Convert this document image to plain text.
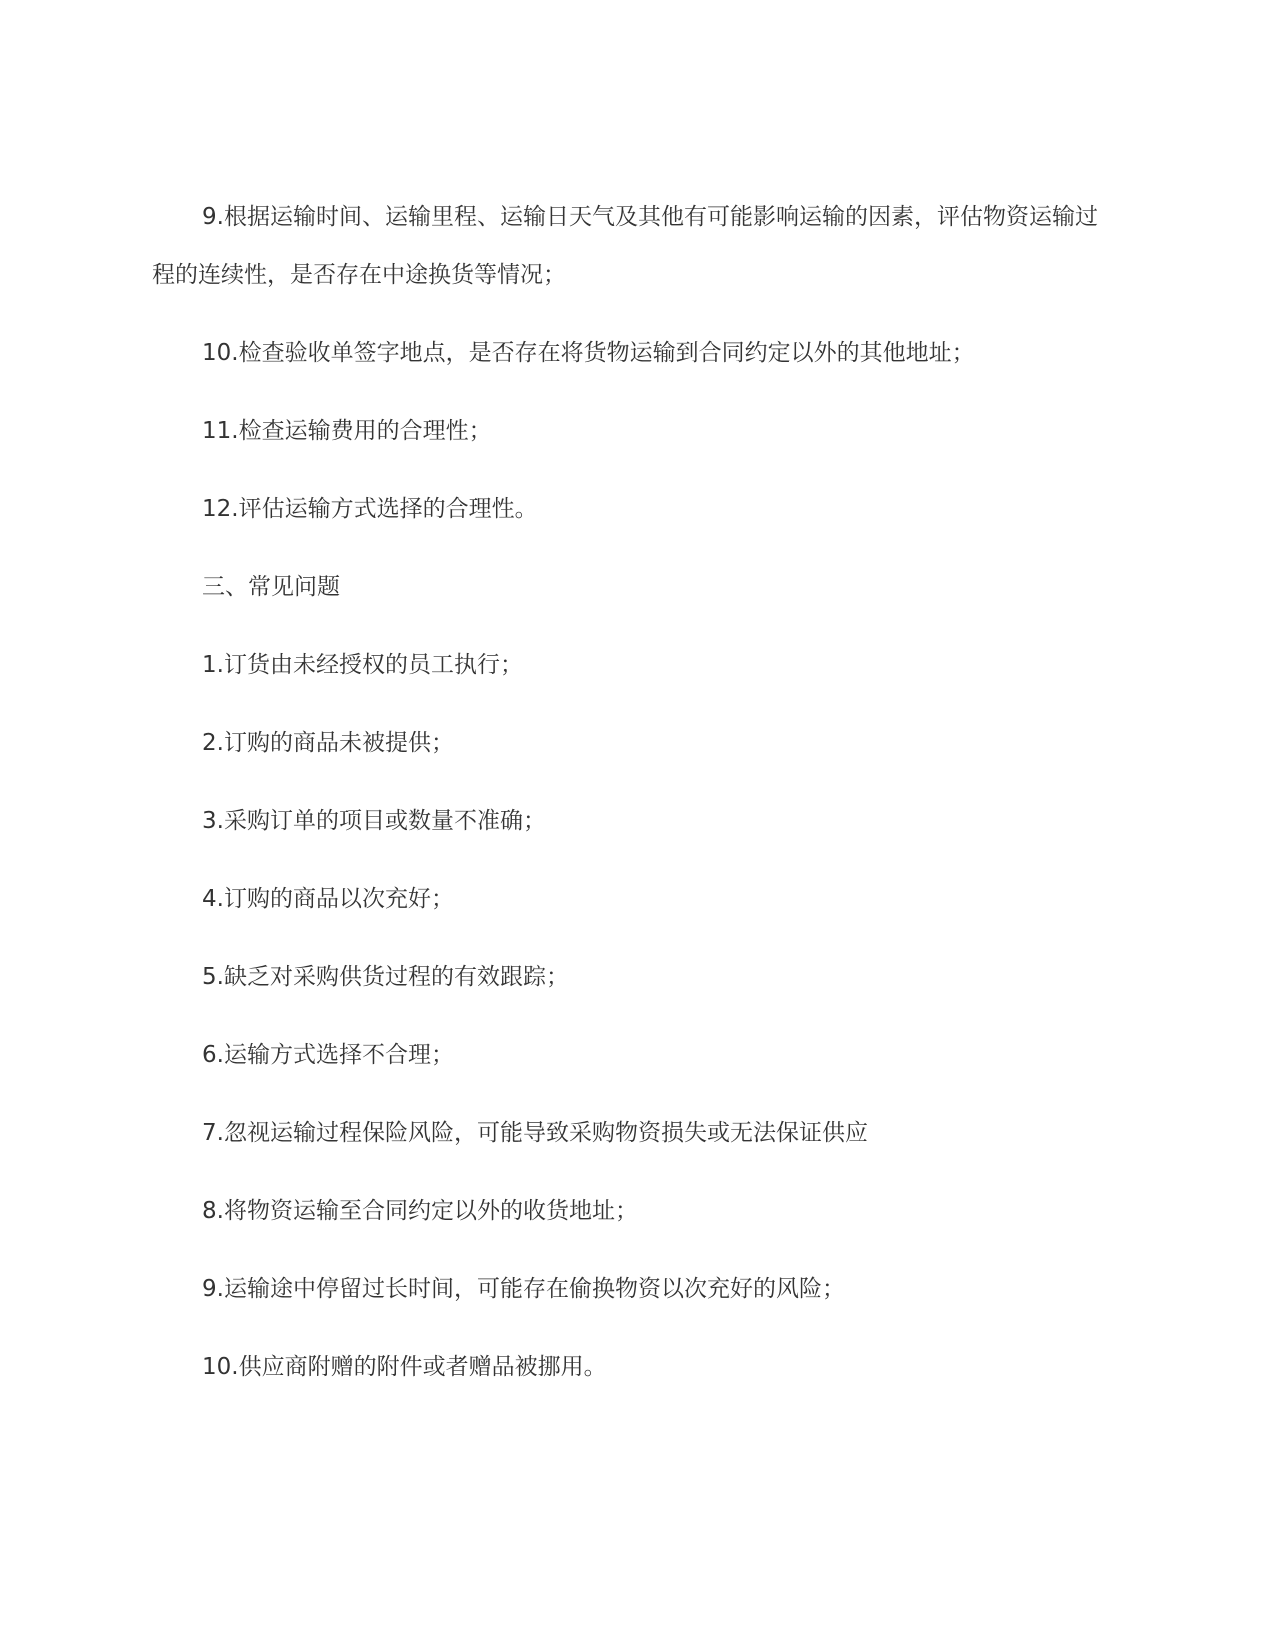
9.根据运输时间、运输里程、运输日天气及其他有可能影响运输的因素，评估物资运输过程的连续性，是否存在中途换货等情况；

10.检查验收单签字地点，是否存在将货物运输到合同约定以外的其他地址；

11.检查运输费用的合理性；

12.评估运输方式选择的合理性。

三、常见问题

1.订货由未经授权的员工执行；

2.订购的商品未被提供；

3.采购订单的项目或数量不准确；

4.订购的商品以次充好；

5.缺乏对采购供货过程的有效跟踪；

6.运输方式选择不合理；

7.忽视运输过程保险风险，可能导致采购物资损失或无法保证供应

8.将物资运输至合同约定以外的收货地址；

9.运输途中停留过长时间，可能存在偷换物资以次充好的风险；

10.供应商附赠的附件或者赠品被挪用。
